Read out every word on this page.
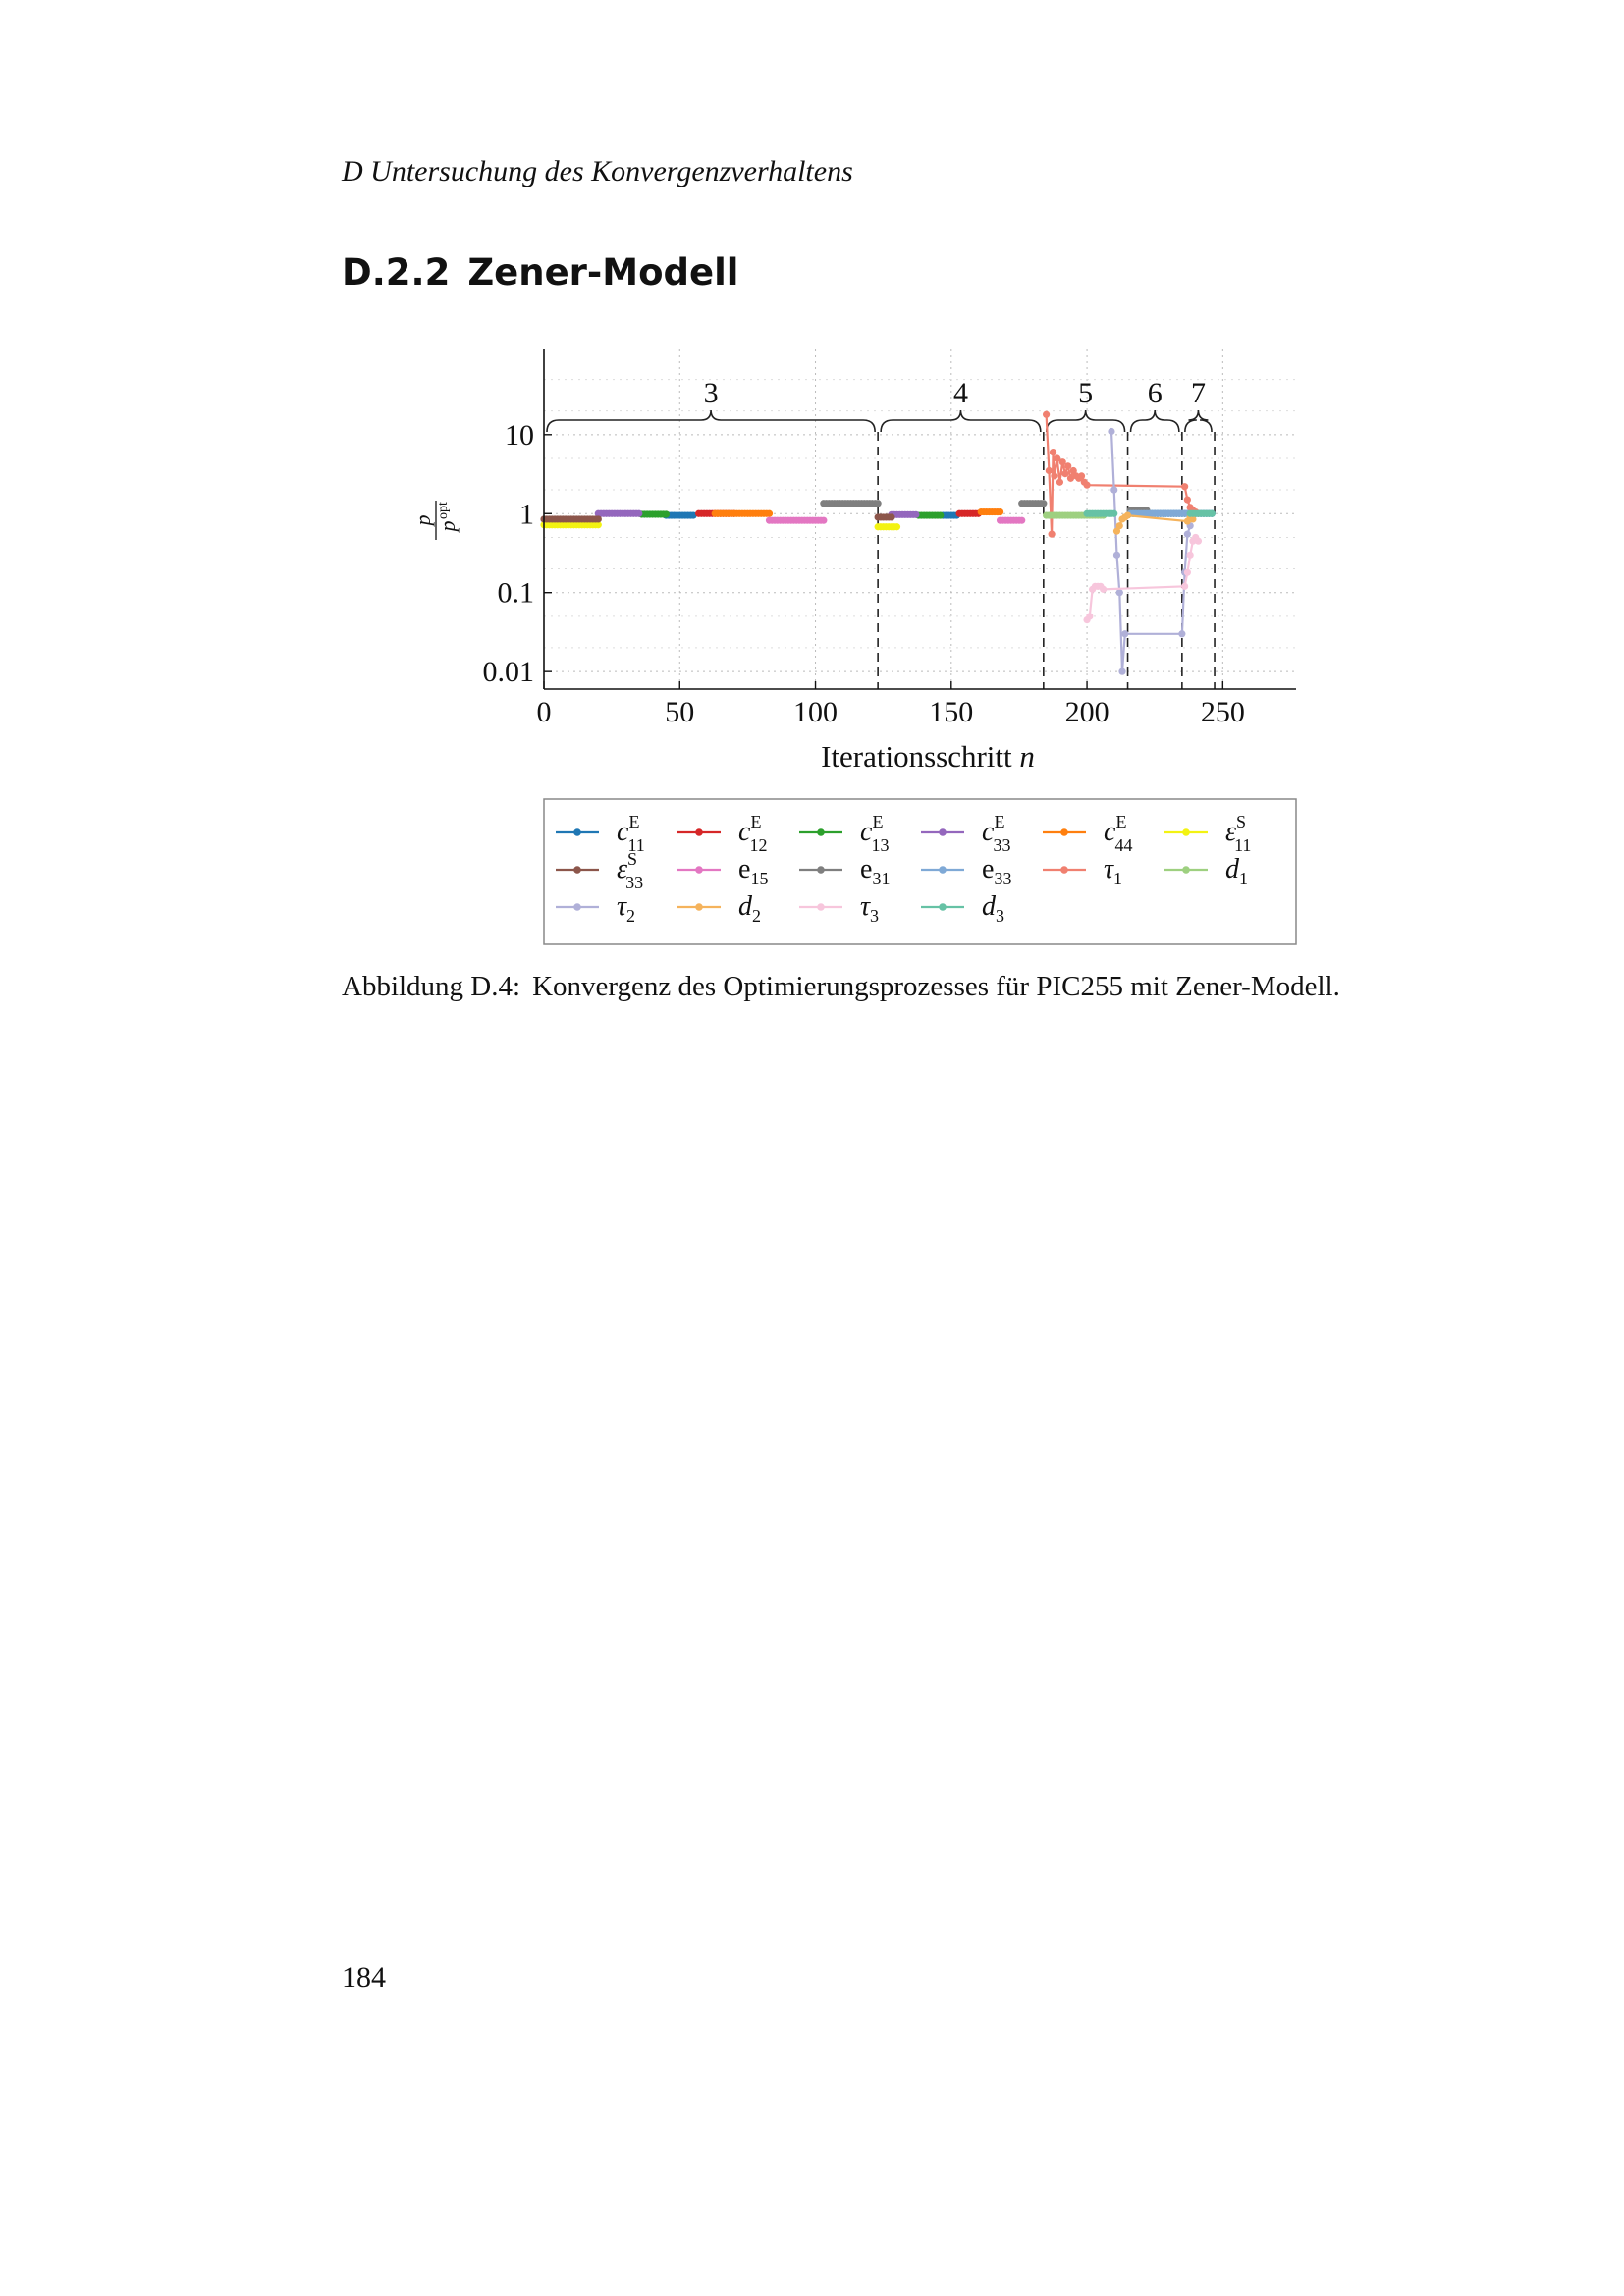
D Untersuchung des Konvergenzverhaltens
D.2.2 Zener-Modell
3	4	5 6 7
0	50	100	150	200	250
0.01
0.1
1
10
Iterationsschritt n
p
p
opt
$c^E$ 11	$c^E$ 12	$c^E$ 13	$c^E$ 33	$c^E$ 44	$\varepsilon^S$ 11
$\varepsilon^S$ 33	$e_{15}$	$e_{31}$	$e_{33}$	$\tau_1$	$d_1$
$\tau_2$	$d_2$	$\tau_3$	$d_3$
Abbildung D.4: Konvergenz des Optimierungsprozesses für PIC255 mit Zener-Modell.
184
